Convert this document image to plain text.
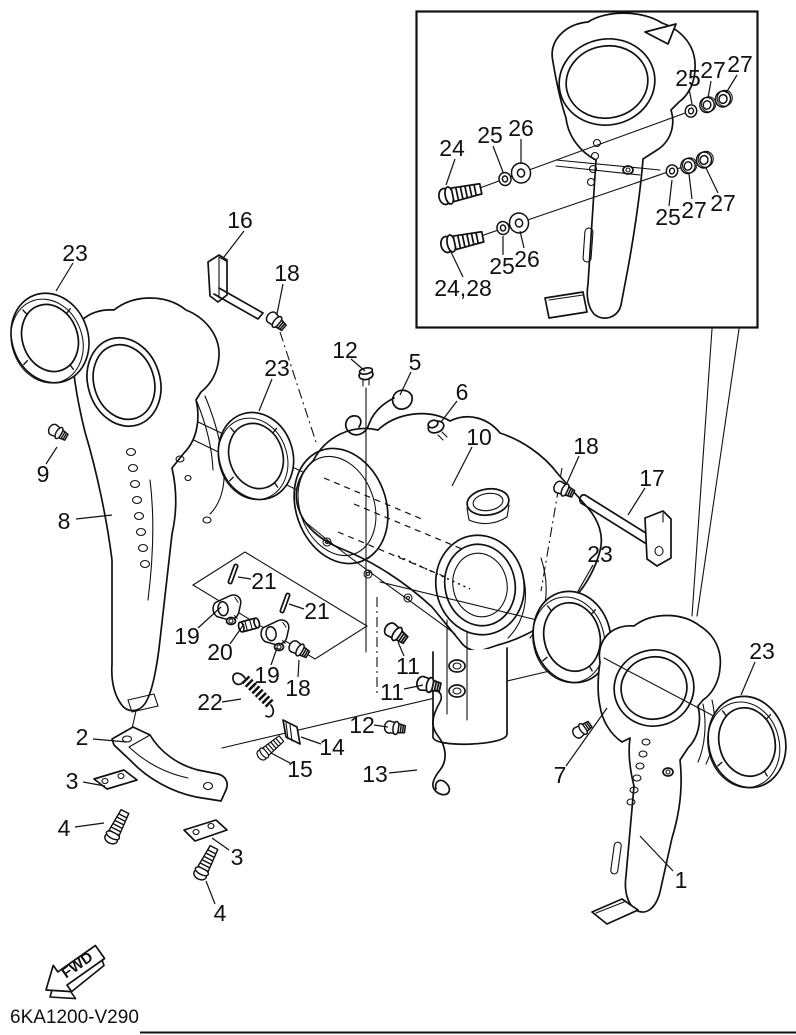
FWD
6KA1200-V290
23
16
18
12 5
6
10	18
17
9
8
23
23
23
21
21
19
20
19 18
11
11
22
12
14
15 13	7
2
3
4
3
4
1
25 27 27
24 25 26
25 27 27
25 26
24,28
